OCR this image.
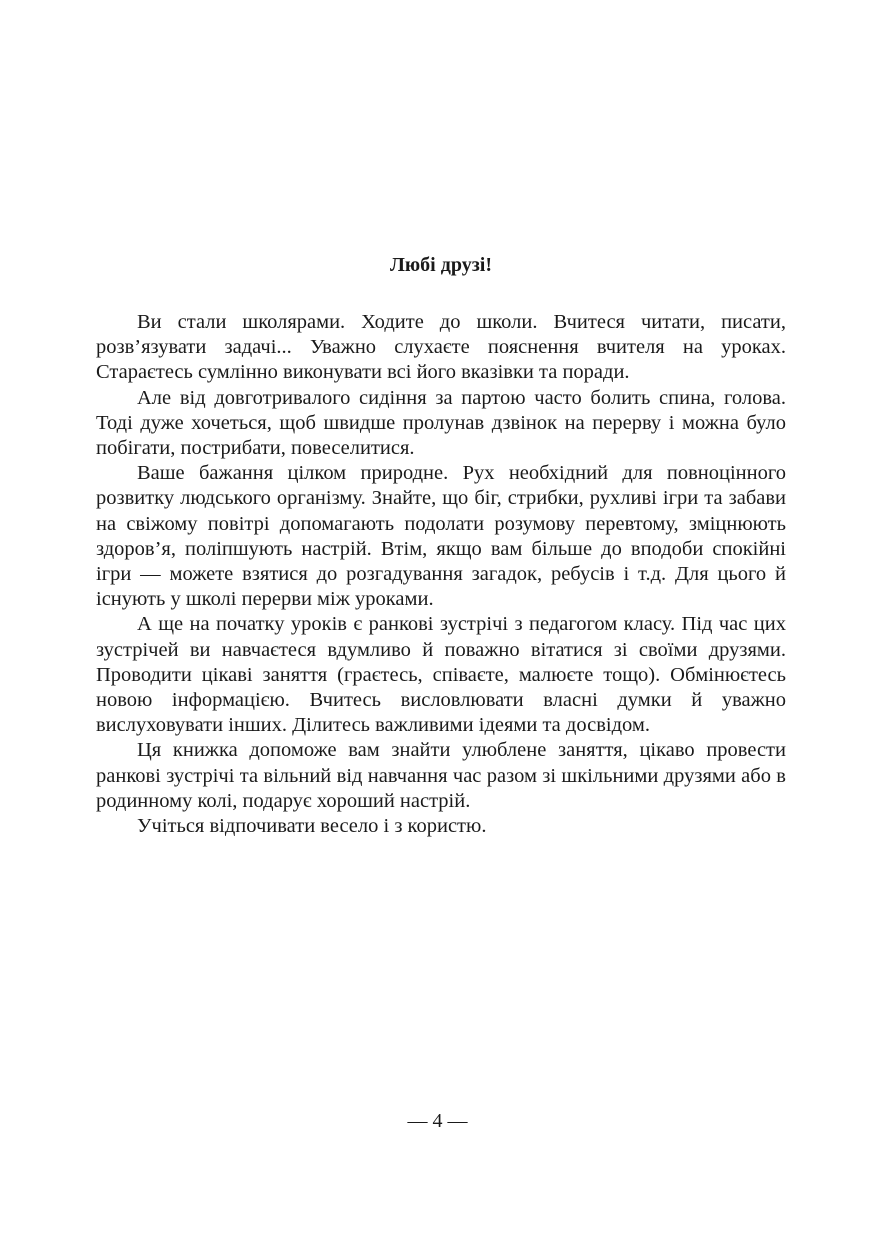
Любі друзі!

Ви стали школярами. Ходите до школи. Вчитеся читати, писати, розв’язувати задачі... Уважно слухаєте пояснення вчителя на уроках. Стараєтесь сумлінно виконувати всі його вказівки та поради.

Але від довготривалого сидіння за партою часто болить спина, голова. Тоді дуже хочеться, щоб швидше пролунав дзвінок на перерву і можна було побігати, пострибати, повеселитися.

Ваше бажання цілком природне. Рух необхідний для повноцінного розвитку людського організму. Знайте, що біг, стрибки, рухливі ігри та забави на свіжому повітрі допомагають подолати розумову перевтому, зміцнюють здоров’я, поліпшують настрій. Втім, якщо вам більше до вподоби спокійні ігри — можете взятися до розгадування загадок, ребусів і т.д. Для цього й існують у школі перерви між уроками.

А ще на початку уроків є ранкові зустрічі з педагогом класу. Під час цих зустрічей ви навчаєтеся вдумливо й поважно вітатися зі своїми друзями. Проводити цікаві заняття (граєтесь, співаєте, малюєте тощо). Обмінюєтесь новою інформацією. Вчитесь висловлювати власні думки й уважно вислуховувати інших. Ділитесь важливими ідеями та досвідом.

Ця книжка допоможе вам знайти улюблене заняття, цікаво провести ранкові зустрічі та вільний від навчання час разом зі шкільними друзями або в родинному колі, подарує хороший настрій.

Учіться відпочивати весело і з користю.

— 4 —
